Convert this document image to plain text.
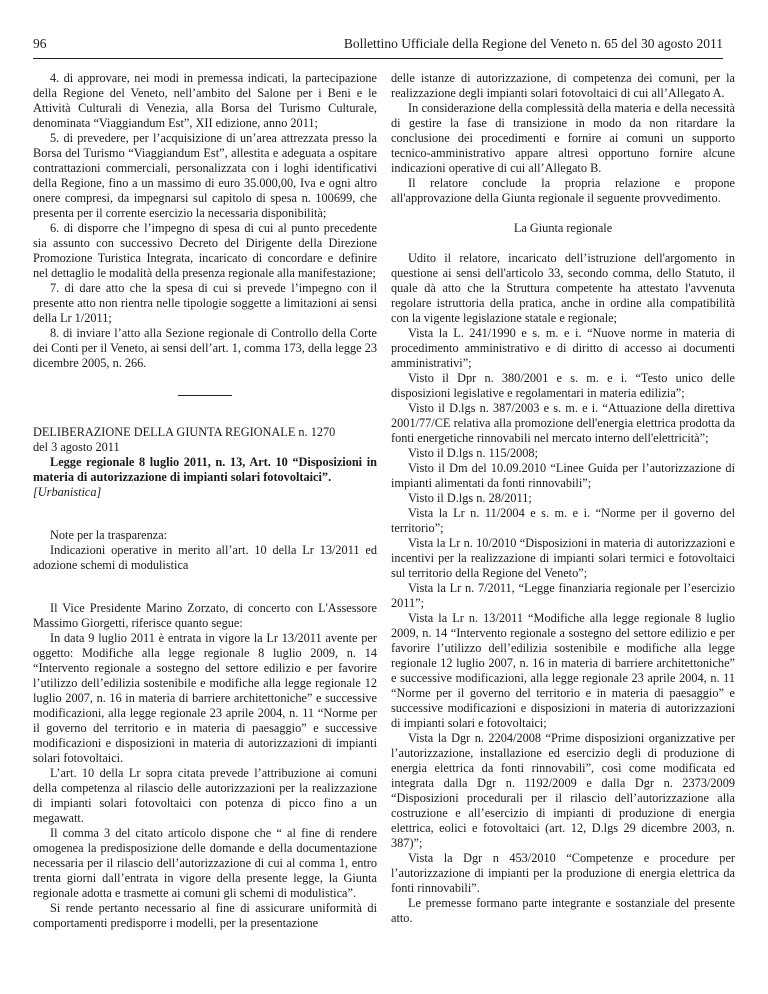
96	Bollettino Ufficiale della Regione del Veneto n. 65 del 30 agosto 2011

4. di approvare, nei modi in premessa indicati, la partecipazione della Regione del Veneto, nell’ambito del Salone per i Beni e le Attività Culturali di Venezia, alla Borsa del Turismo Culturale, denominata “Viaggiandum Est”, XII edizione, anno 2011;

5. di prevedere, per l’acquisizione di un’area attrezzata presso la Borsa del Turismo “Viaggiandum Est”, allestita e adeguata a ospitare contrattazioni commerciali, personalizzata con i loghi identificativi della Regione, fino a un massimo di euro 35.000,00, Iva e ogni altro onere compresi, da impegnarsi sul capitolo di spesa n. 100699, che presenta per il corrente esercizio la necessaria disponibilità;

6. di disporre che l’impegno di spesa di cui al punto precedente sia assunto con successivo Decreto del Dirigente della Direzione Promozione Turistica Integrata, incaricato di concordare e definire nel dettaglio le modalità della presenza regionale alla manifestazione;

7. di dare atto che la spesa di cui si prevede l’impegno con il presente atto non rientra nelle tipologie soggette a limitazioni ai sensi della Lr 1/2011;

8. di inviare l’atto alla Sezione regionale di Controllo della Corte dei Conti per il Veneto, ai sensi dell’art. 1, comma 173, della legge 23 dicembre 2005, n. 266.

DELIBERAZIONE DELLA GIUNTA REGIONALE n. 1270

del 3 agosto 2011

Legge regionale 8 luglio 2011, n. 13, Art. 10 “Disposizioni in materia di autorizzazione di impianti solari fotovoltaici”.

[Urbanistica]

Note per la trasparenza:

Indicazioni operative in merito all’art. 10 della Lr 13/2011 ed adozione schemi di modulistica

Il Vice Presidente Marino Zorzato, di concerto con L'Assessore Massimo Giorgetti, riferisce quanto segue:

In data 9 luglio 2011 è entrata in vigore la Lr 13/2011 avente per oggetto: Modifiche alla legge regionale 8 luglio 2009, n. 14 “Intervento regionale a sostegno del settore edilizio e per favorire l’utilizzo dell’edilizia sostenibile e modifiche alla legge regionale 12 luglio 2007, n. 16 in materia di barriere architettoniche” e successive modificazioni, alla legge regionale 23 aprile 2004, n. 11 “Norme per il governo del territorio e in materia di paesaggio” e successive modificazioni e disposizioni in materia di autorizzazioni di impianti solari fotovoltaici.

L’art. 10 della Lr sopra citata prevede l’attribuzione ai comuni della competenza al rilascio delle autorizzazioni per la realizzazione di impianti solari fotovoltaici con potenza di picco fino a un megawatt.

Il comma 3 del citato articolo dispone che “ al fine di rendere omogenea la predisposizione delle domande e della documentazione necessaria per il rilascio dell’autorizzazione di cui al comma 1, entro trenta giorni dall’entrata in vigore della presente legge, la Giunta regionale adotta e trasmette ai comuni gli schemi di modulistica”.

Si rende pertanto necessario al fine di assicurare uniformità di comportamenti predisporre i modelli, per la presentazione

delle istanze di autorizzazione, di competenza dei comuni, per la realizzazione degli impianti solari fotovoltaici di cui all’Allegato A.

In considerazione della complessità della materia e della necessità di gestire la fase di transizione in modo da non ritardare la conclusione dei procedimenti e fornire ai comuni un supporto tecnico-amministrativo appare altresì opportuno fornire alcune indicazioni operative di cui all’Allegato B.

Il relatore conclude la propria relazione e propone all'approvazione della Giunta regionale il seguente provvedimento.

La Giunta regionale

Udito il relatore, incaricato dell’istruzione dell'argomento in questione ai sensi dell'articolo 33, secondo comma, dello Statuto, il quale dà atto che la Struttura competente ha attestato l'avvenuta regolare istruttoria della pratica, anche in ordine alla compatibilità con la vigente legislazione statale e regionale;

Vista la L. 241/1990 e s. m. e i. “Nuove norme in materia di procedimento amministrativo e di diritto di accesso ai documenti amministrativi”;

Visto il Dpr n. 380/2001 e s. m. e i. “Testo unico delle disposizioni legislative e regolamentari in materia edilizia”;

Visto il D.lgs n. 387/2003 e s. m. e i. “Attuazione della direttiva 2001/77/CE relativa alla promozione dell'energia elettrica prodotta da fonti energetiche rinnovabili nel mercato interno dell'elettricità”;

Visto il D.lgs n. 115/2008;

Visto il Dm del 10.09.2010 “Linee Guida per l’autorizzazione di impianti alimentati da fonti rinnovabili”;

Visto il D.lgs n. 28/2011;

Vista la Lr n. 11/2004 e s. m. e i. “Norme per il governo del territorio”;

Vista la Lr n. 10/2010 “Disposizioni in materia di autorizzazioni e incentivi per la realizzazione di impianti solari termici e fotovoltaici sul territorio della Regione del Veneto”;

Vista la Lr n. 7/2011, “Legge finanziaria regionale per l’esercizio 2011”;

Vista la Lr n. 13/2011 “Modifiche alla legge regionale 8 luglio 2009, n. 14 “Intervento regionale a sostegno del settore edilizio e per favorire l’utilizzo dell’edilizia sostenibile e modifiche alla legge regionale 12 luglio 2007, n. 16 in materia di barriere architettoniche” e successive modificazioni, alla legge regionale 23 aprile 2004, n. 11 “Norme per il governo del territorio e in materia di paesaggio” e successive modificazioni e disposizioni in materia di autorizzazioni di impianti solari e fotovoltaici;

Vista la Dgr n. 2204/2008 “Prime disposizioni organizzative per l’autorizzazione, installazione ed esercizio degli di produzione di energia elettrica da fonti rinnovabili”, così come modificata ed integrata dalla Dgr n. 1192/2009 e dalla Dgr n. 2373/2009 “Disposizioni procedurali per il rilascio dell’autorizzazione alla costruzione e all’esercizio di impianti di produzione di energia elettrica, eolici e fotovoltaici (art. 12, D.lgs 29 dicembre 2003, n. 387)”;

Vista la Dgr n 453/2010 “Competenze e procedure per l’autorizzazione di impianti per la produzione di energia elettrica da fonti rinnovabili”.

Le premesse formano parte integrante e sostanziale del presente atto.
